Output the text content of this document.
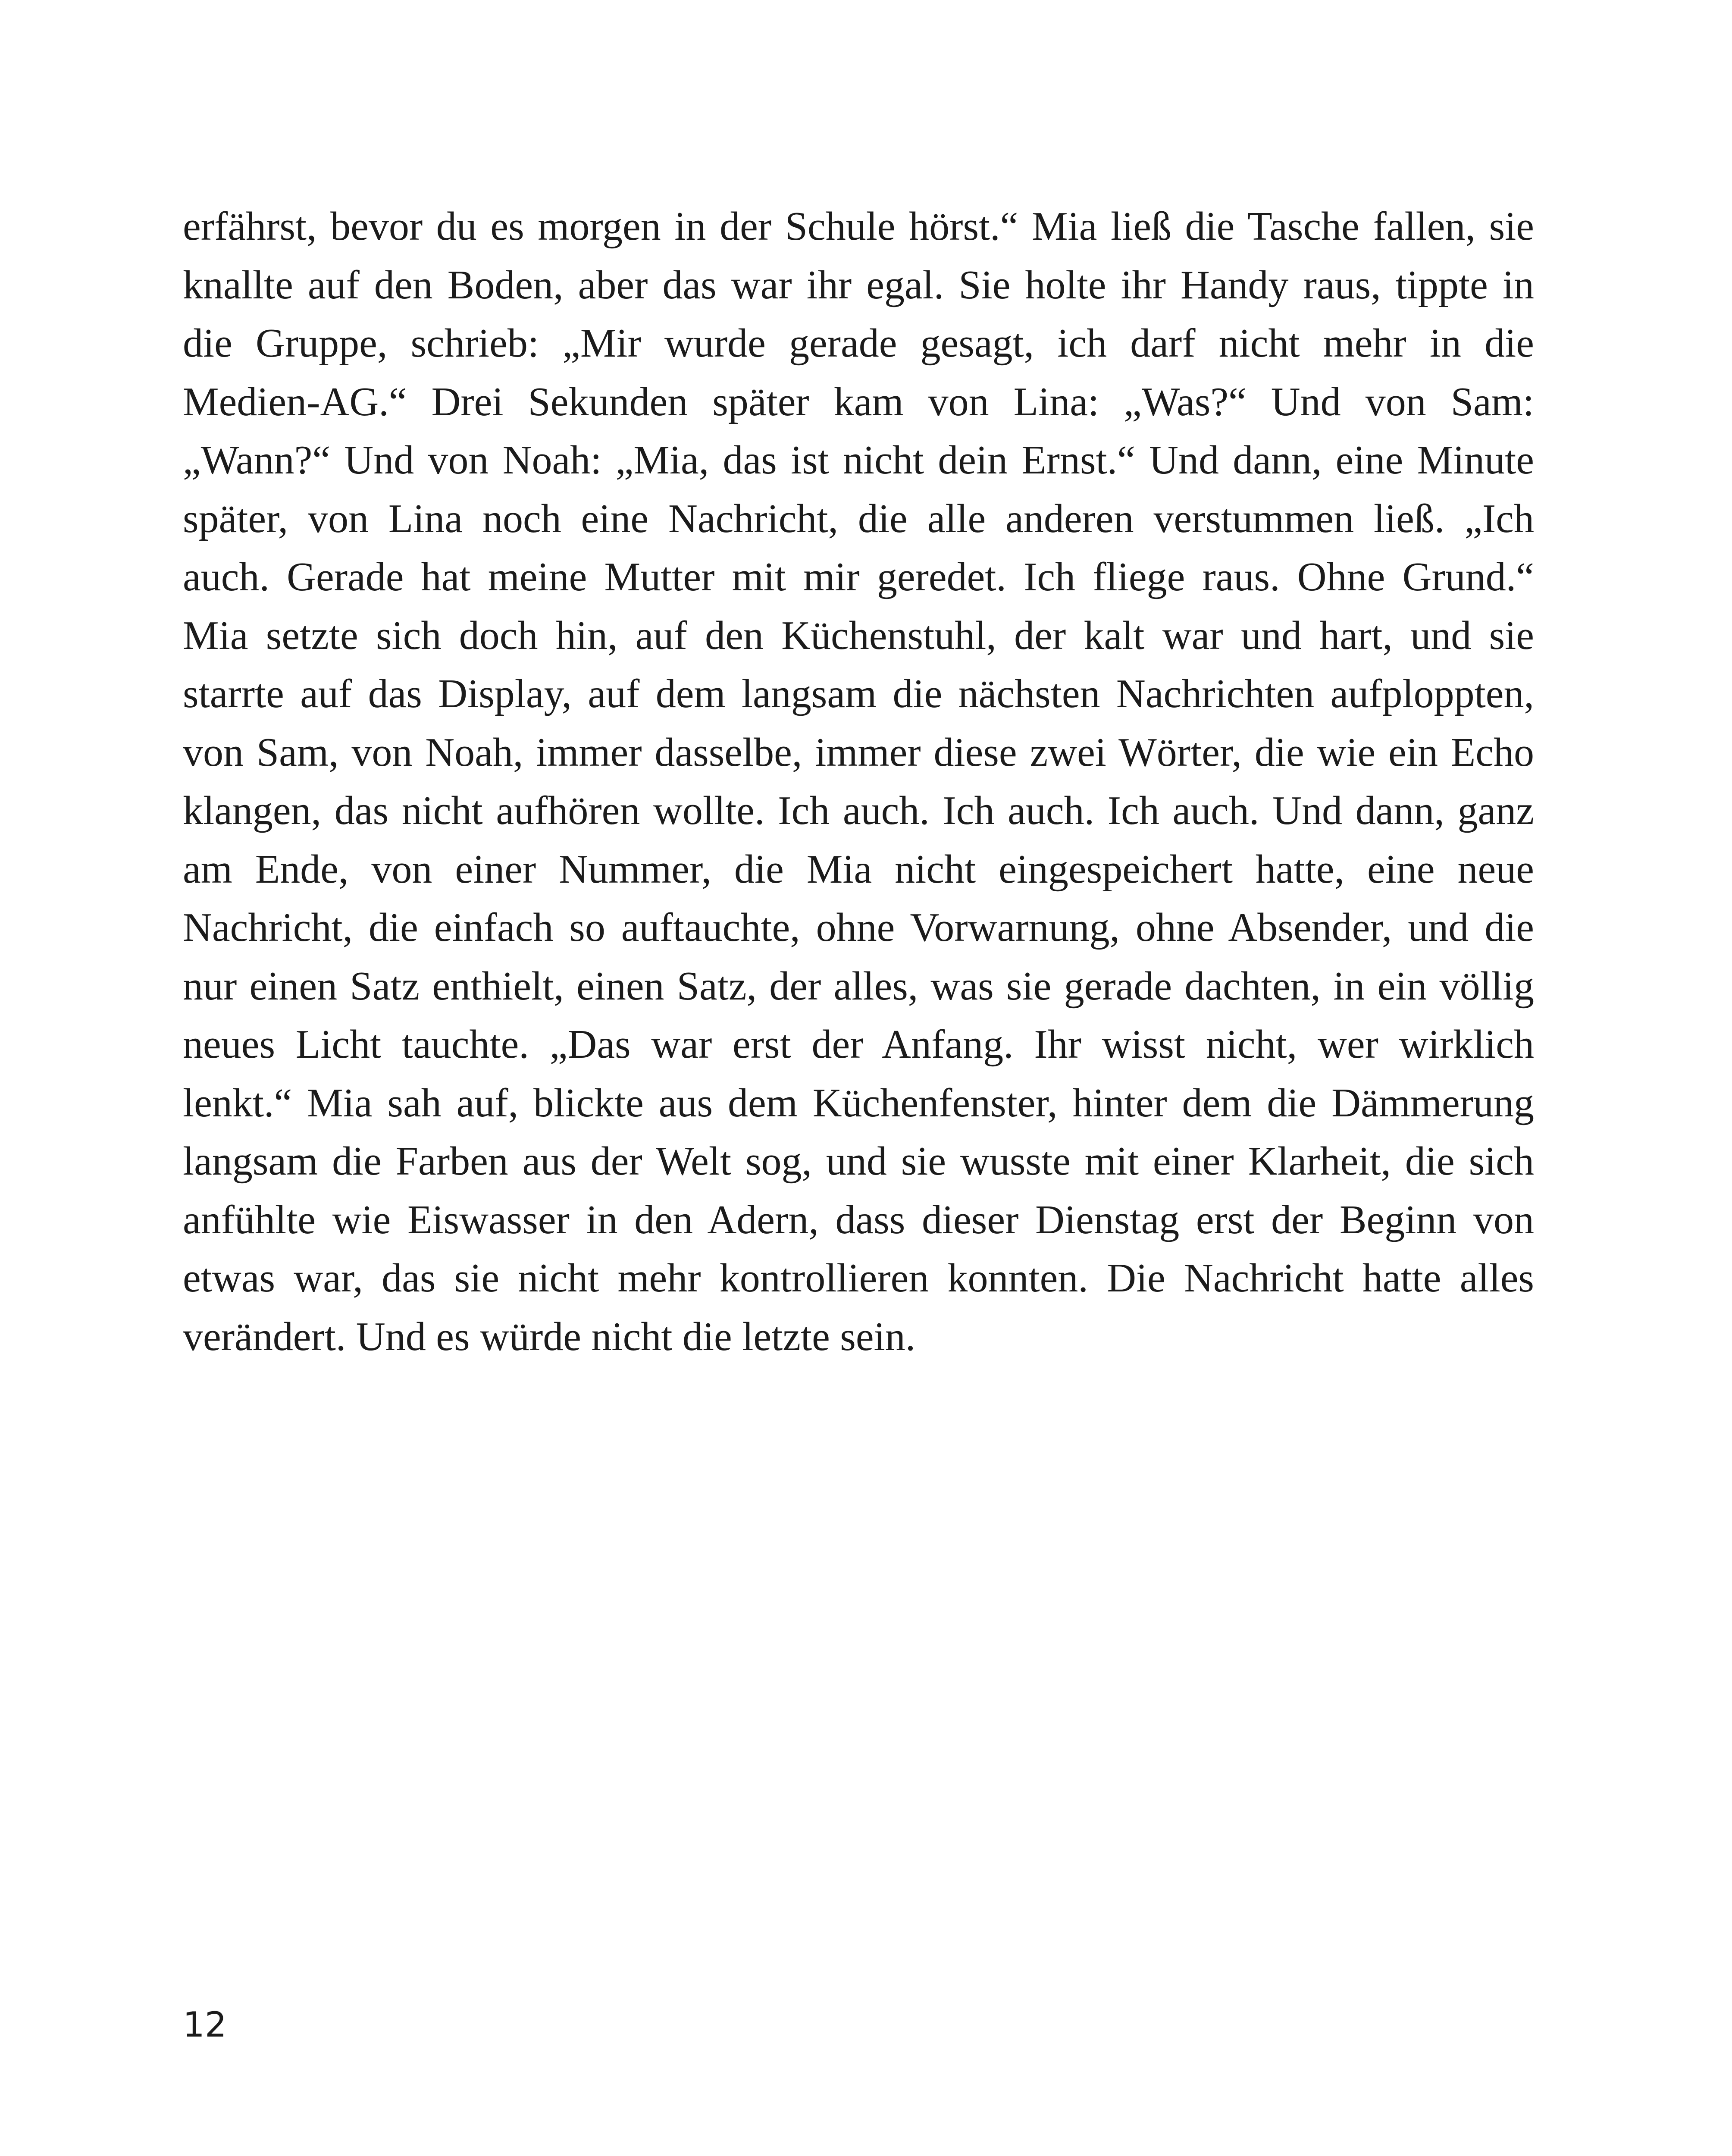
erfährst, bevor du es morgen in der Schule hörst.“ Mia ließ die Tasche fallen, sie
knallte auf den Boden, aber das war ihr egal. Sie holte ihr Handy raus, tippte in
die Gruppe, schrieb: „Mir wurde gerade gesagt, ich darf nicht mehr in die
Medien-AG.“ Drei Sekunden später kam von Lina: „Was?“ Und von Sam:
„Wann?“ Und von Noah: „Mia, das ist nicht dein Ernst.“ Und dann, eine Minute
später, von Lina noch eine Nachricht, die alle anderen verstummen ließ. „Ich
auch. Gerade hat meine Mutter mit mir geredet. Ich fliege raus. Ohne Grund.“
Mia setzte sich doch hin, auf den Küchenstuhl, der kalt war und hart, und sie
starrte auf das Display, auf dem langsam die nächsten Nachrichten aufploppten,
von Sam, von Noah, immer dasselbe, immer diese zwei Wörter, die wie ein Echo
klangen, das nicht aufhören wollte. Ich auch. Ich auch. Ich auch. Und dann, ganz
am Ende, von einer Nummer, die Mia nicht eingespeichert hatte, eine neue
Nachricht, die einfach so auftauchte, ohne Vorwarnung, ohne Absender, und die
nur einen Satz enthielt, einen Satz, der alles, was sie gerade dachten, in ein völlig
neues Licht tauchte. „Das war erst der Anfang. Ihr wisst nicht, wer wirklich
lenkt.“ Mia sah auf, blickte aus dem Küchenfenster, hinter dem die Dämmerung
langsam die Farben aus der Welt sog, und sie wusste mit einer Klarheit, die sich
anfühlte wie Eiswasser in den Adern, dass dieser Dienstag erst der Beginn von
etwas war, das sie nicht mehr kontrollieren konnten. Die Nachricht hatte alles
verändert. Und es würde nicht die letzte sein.

12
